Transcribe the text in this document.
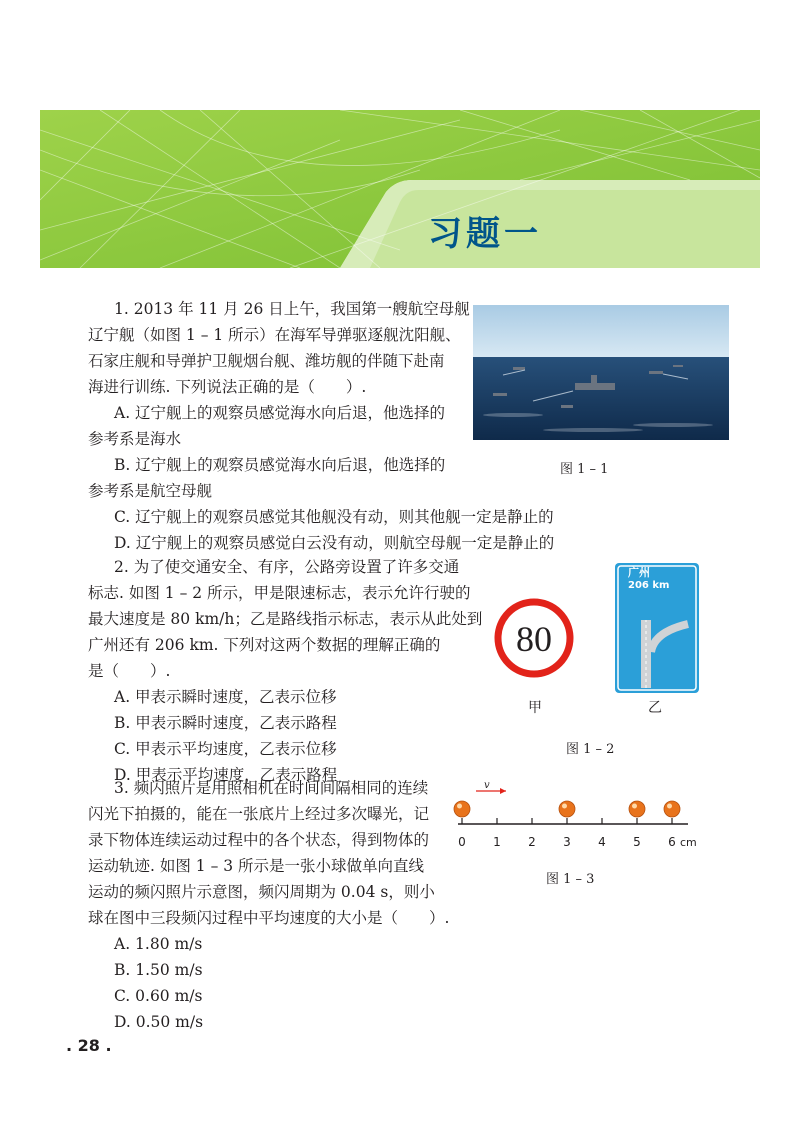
习题一

1. 2013 年 11 月 26 日上午，我国第一艘航空母舰

辽宁舰（如图 1 – 1 所示）在海军导弹驱逐舰沈阳舰、

石家庄舰和导弹护卫舰烟台舰、潍坊舰的伴随下赴南

海进行训练. 下列说法正确的是（　　）.

A. 辽宁舰上的观察员感觉海水向后退，他选择的

参考系是海水

B. 辽宁舰上的观察员感觉海水向后退，他选择的

参考系是航空母舰

C. 辽宁舰上的观察员感觉其他舰没有动，则其他舰一定是静止的

D. 辽宁舰上的观察员感觉白云没有动，则航空母舰一定是静止的

图 1 – 1

2. 为了使交通安全、有序，公路旁设置了许多交通

标志. 如图 1 – 2 所示，甲是限速标志，表示允许行驶的

最大速度是 80 km/h；乙是路线指示标志，表示从此处到

广州还有 206 km. 下列对这两个数据的理解正确的

是（　　）.

A. 甲表示瞬时速度，乙表示位移

B. 甲表示瞬时速度，乙表示路程

C. 甲表示平均速度，乙表示位移

D. 甲表示平均速度，乙表示路程

80

甲

广州
206 km

乙

图 1 – 2

3. 频闪照片是用照相机在时间间隔相同的连续

闪光下拍摄的，能在一张底片上经过多次曝光，记

录下物体连续运动过程中的各个状态，得到物体的

运动轨迹. 如图 1 – 3 所示是一张小球做单向直线

运动的频闪照片示意图，频闪周期为 0.04 s，则小

球在图中三段频闪过程中平均速度的大小是（　　）.

A. 1.80 m/s

B. 1.50 m/s

C. 0.60 m/s

D. 0.50 m/s

v
0 1 2 3 4 5 6 cm

图 1 – 3

. 28 .
